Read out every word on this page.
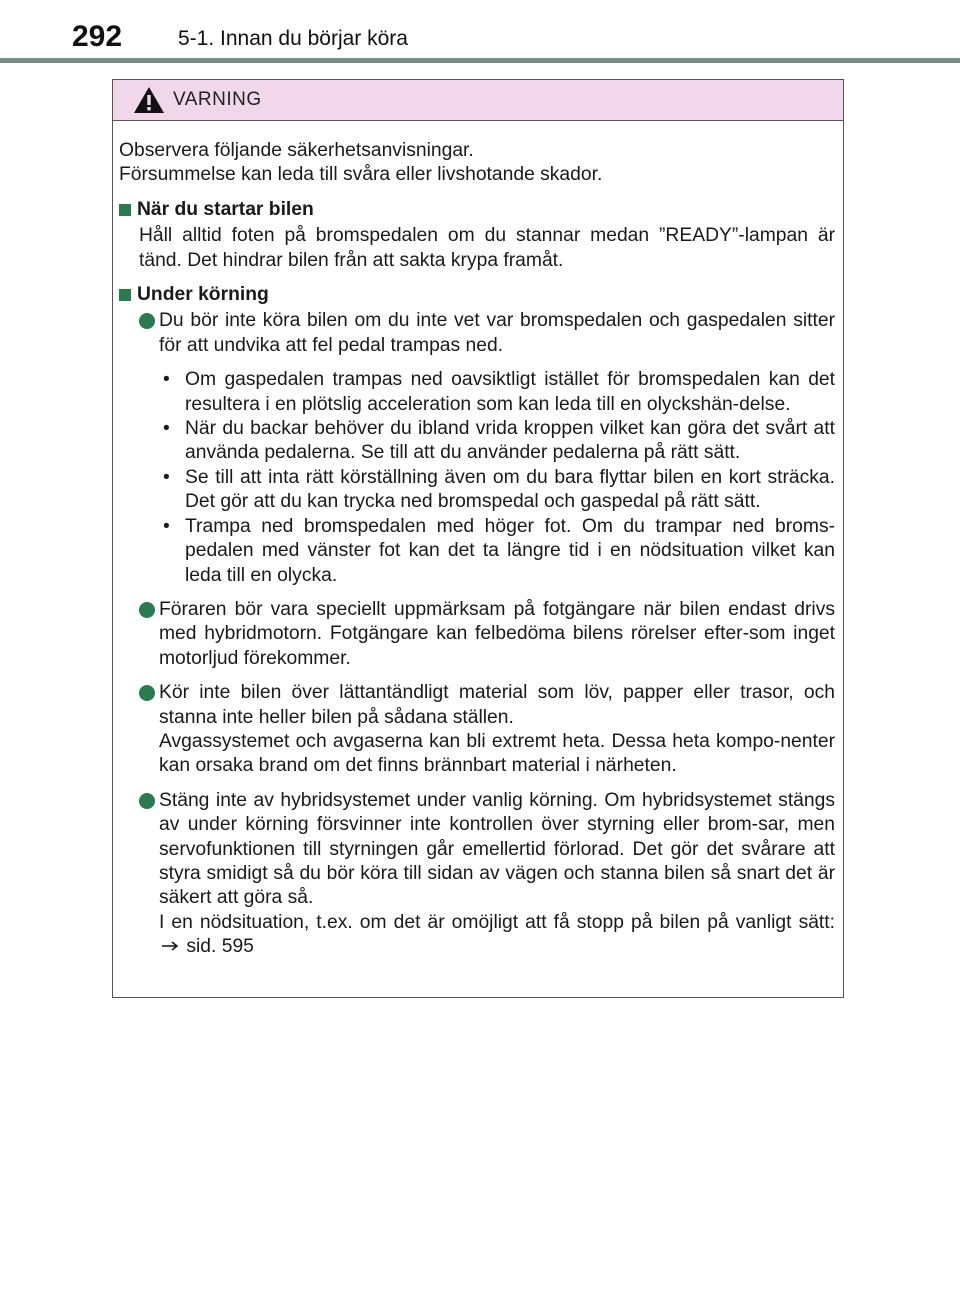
292	5-1. Innan du börjar köra
VARNING

Observera följande säkerhetsanvisningar.

Försummelse kan leda till svåra eller livshotande skador.

När du startar bilen

Håll alltid foten på bromspedalen om du stannar medan ”READY”-lampan är tänd. Det hindrar bilen från att sakta krypa framåt.

Under körning

Du bör inte köra bilen om du inte vet var bromspedalen och gaspedalen sitter för att undvika att fel pedal trampas ned.

• Om gaspedalen trampas ned oavsiktligt istället för bromspedalen kan det resultera i en plötslig acceleration som kan leda till en olyckshän-delse.

• När du backar behöver du ibland vrida kroppen vilket kan göra det svårt att använda pedalerna. Se till att du använder pedalerna på rätt sätt.

• Se till att inta rätt körställning även om du bara flyttar bilen en kort sträcka. Det gör att du kan trycka ned bromspedal och gaspedal på rätt sätt.

• Trampa ned bromspedalen med höger fot. Om du trampar ned broms-pedalen med vänster fot kan det ta längre tid i en nödsituation vilket kan leda till en olycka.

Föraren bör vara speciellt uppmärksam på fotgängare när bilen endast drivs med hybridmotorn. Fotgängare kan felbedöma bilens rörelser efter-som inget motorljud förekommer.

Kör inte bilen över lättantändligt material som löv, papper eller trasor, och stanna inte heller bilen på sådana ställen.

Avgassystemet och avgaserna kan bli extremt heta. Dessa heta kompo-nenter kan orsaka brand om det finns brännbart material i närheten.

Stäng inte av hybridsystemet under vanlig körning. Om hybridsystemet stängs av under körning försvinner inte kontrollen över styrning eller brom-sar, men servofunktionen till styrningen går emellertid förlorad. Det gör det svårare att styra smidigt så du bör köra till sidan av vägen och stanna bilen så snart det är säkert att göra så.

I en nödsituation, t.ex. om det är omöjligt att få stopp på bilen på vanligt sätt:  sid. 595
